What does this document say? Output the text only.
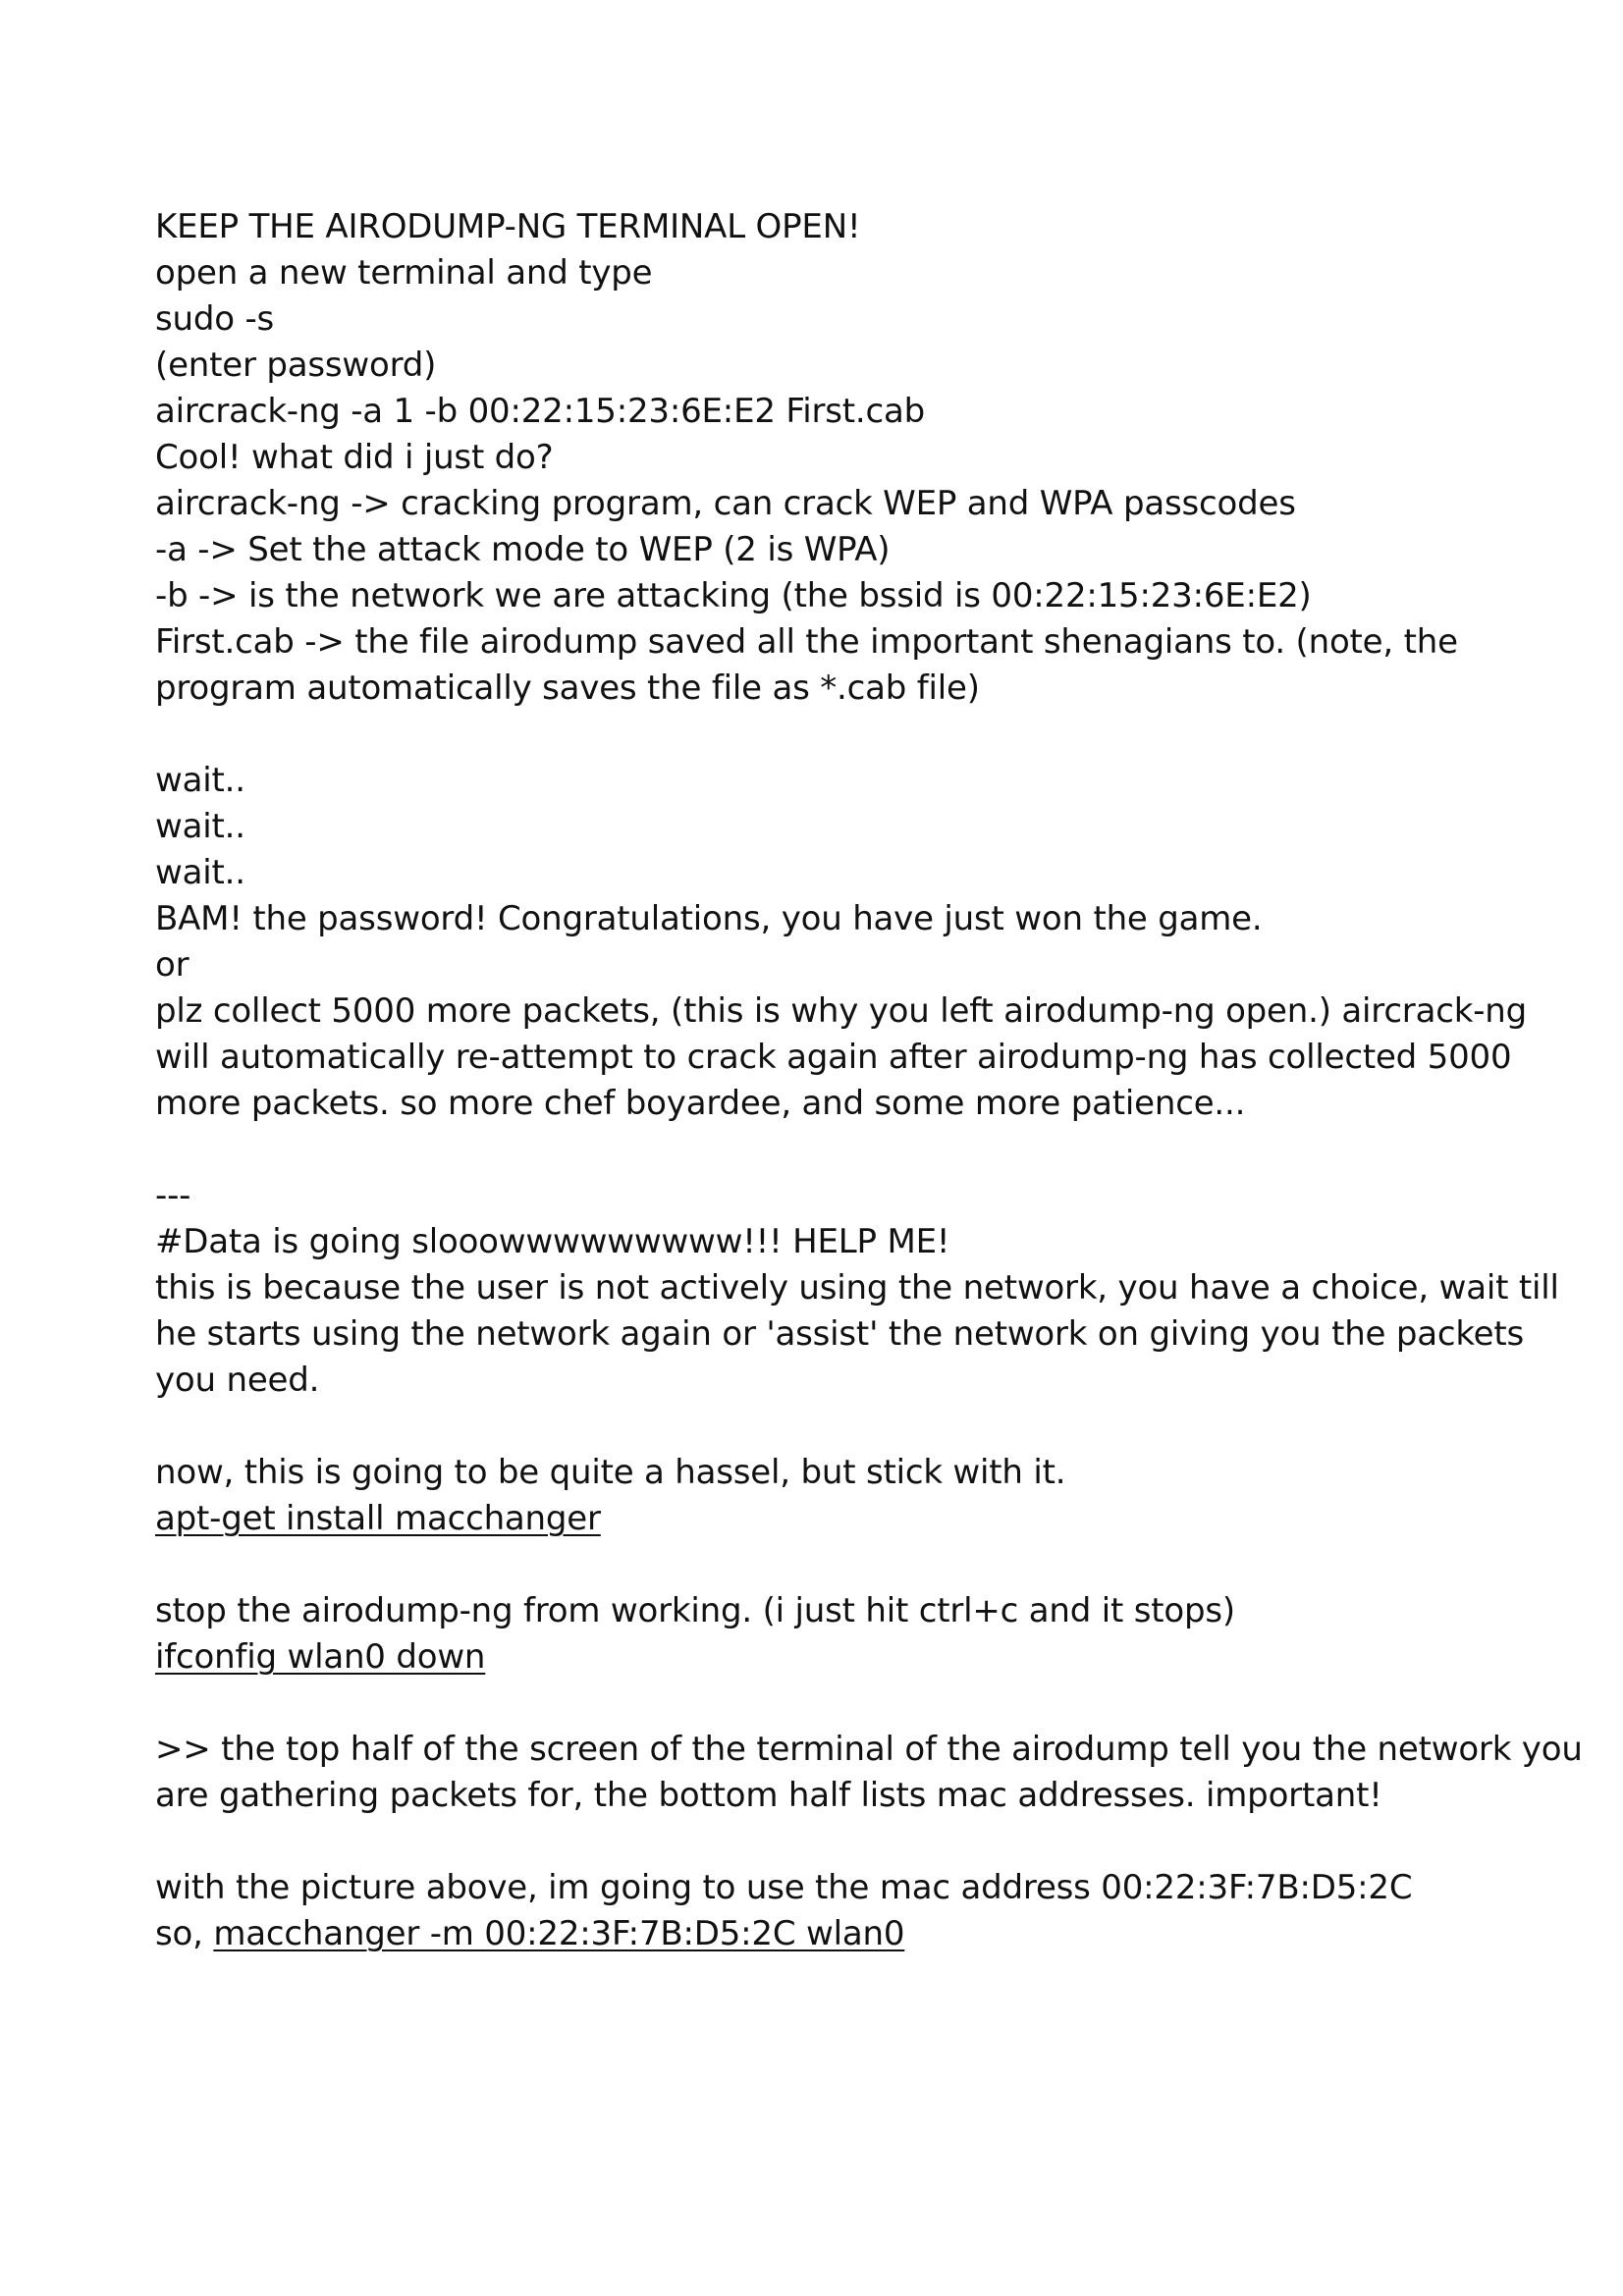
KEEP THE AIRODUMP-NG TERMINAL OPEN!
open a new terminal and type
sudo -s
(enter password)
aircrack-ng -a 1 -b 00:22:15:23:6E:E2 First.cab
Cool! what did i just do?
aircrack-ng -> cracking program, can crack WEP and WPA passcodes
-a -> Set the attack mode to WEP (2 is WPA)
-b -> is the network we are attacking (the bssid is 00:22:15:23:6E:E2)
First.cab -> the file airodump saved all the important shenagians to. (note, the
program automatically saves the file as *.cab file)
wait..
wait..
wait..
BAM! the password! Congratulations, you have just won the game.
or
plz collect 5000 more packets, (this is why you left airodump-ng open.) aircrack-ng
will automatically re-attempt to crack again after airodump-ng has collected 5000
more packets. so more chef boyardee, and some more patience...
---
#Data is going slooowwwwwwwww!!! HELP ME!
this is because the user is not actively using the network, you have a choice, wait till
he starts using the network again or 'assist' the network on giving you the packets
you need.
now, this is going to be quite a hassel, but stick with it.
apt-get install macchanger
stop the airodump-ng from working. (i just hit ctrl+c and it stops)
ifconfig wlan0 down
>> the top half of the screen of the terminal of the airodump tell you the network you
are gathering packets for, the bottom half lists mac addresses. important!
with the picture above, im going to use the mac address 00:22:3F:7B:D5:2C
so, macchanger -m 00:22:3F:7B:D5:2C wlan0
